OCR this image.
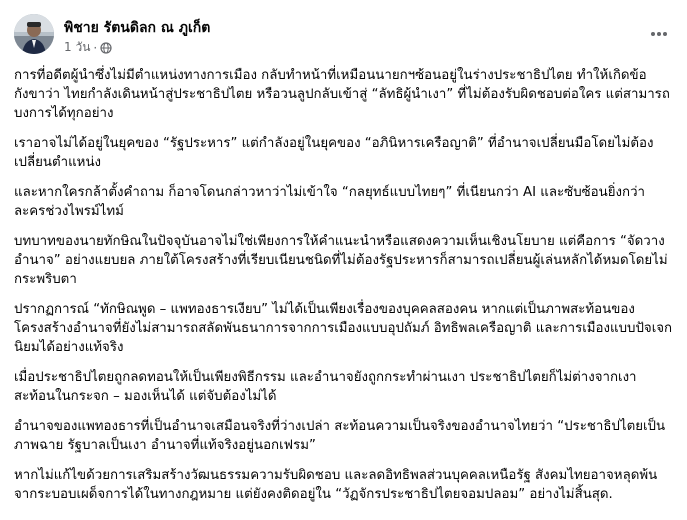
พิชาย รัตนดิลก ณ ภูเก็ต
1 วัน ·

การที่อดีตผู้นำซึ่งไม่มีตำแหน่งทางการเมือง กลับทำหน้าที่เหมือนนายกฯซ้อนอยู่ในร่างประชาธิปไตย ทำให้เกิดข้อกังขาว่า ไทยกำลังเดินหน้าสู่ประชาธิปไตย หรือวนลูปกลับเข้าสู่ “ลัทธิผู้นำเงา” ที่ไม่ต้องรับผิดชอบต่อใคร แต่สามารถบงการได้ทุกอย่าง

เราอาจไม่ได้อยู่ในยุคของ “รัฐประหาร” แต่กำลังอยู่ในยุคของ “อภินิหารเครือญาติ” ที่อำนาจเปลี่ยนมือโดยไม่ต้องเปลี่ยนตำแหน่ง

และหากใครกล้าตั้งคำถาม ก็อาจโดนกล่าวหาว่าไม่เข้าใจ “กลยุทธ์แบบไทยๆ” ที่เนียนกว่า AI และซับซ้อนยิ่งกว่าละครช่วงไพรม์ไทม์

บทบาทของนายทักษิณในปัจจุบันอาจไม่ใช่เพียงการให้คำแนะนำหรือแสดงความเห็นเชิงนโยบาย แต่คือการ “จัดวางอำนาจ” อย่างแยบยล ภายใต้โครงสร้างที่เรียบเนียนชนิดที่ไม่ต้องรัฐประหารก็สามารถเปลี่ยนผู้เล่นหลักได้หมดโดยไม่กระพริบตา

ปรากฏการณ์ “ทักษิณพูด – แพทองธารเงียบ” ไม่ได้เป็นเพียงเรื่องของบุคคลสองคน หากแต่เป็นภาพสะท้อนของโครงสร้างอำนาจที่ยังไม่สามารถสลัดพันธนาการจากการเมืองแบบอุปถัมภ์ อิทธิพลเครือญาติ และการเมืองแบบปัจเจกนิยมได้อย่างแท้จริง

เมื่อประชาธิปไตยถูกลดทอนให้เป็นเพียงพิธีกรรม และอำนาจยังถูกกระทำผ่านเงา ประชาธิปไตยก็ไม่ต่างจากเงาสะท้อนในกระจก – มองเห็นได้ แต่จับต้องไม่ได้

อำนาจของแพทองธารที่เป็นอำนาจเสมือนจริงที่ว่างเปล่า สะท้อนความเป็นจริงของอำนาจไทยว่า “ประชาธิปไตยเป็นภาพฉาย รัฐบาลเป็นเงา อำนาจที่แท้จริงอยู่นอกเฟรม”

หากไม่แก้ไขด้วยการเสริมสร้างวัฒนธรรมความรับผิดชอบ และลดอิทธิพลส่วนบุคคลเหนือรัฐ สังคมไทยอาจหลุดพ้นจากระบอบเผด็จการได้ในทางกฎหมาย แต่ยังคงติดอยู่ใน “วัฏจักรประชาธิปไตยจอมปลอม” อย่างไม่สิ้นสุด.
